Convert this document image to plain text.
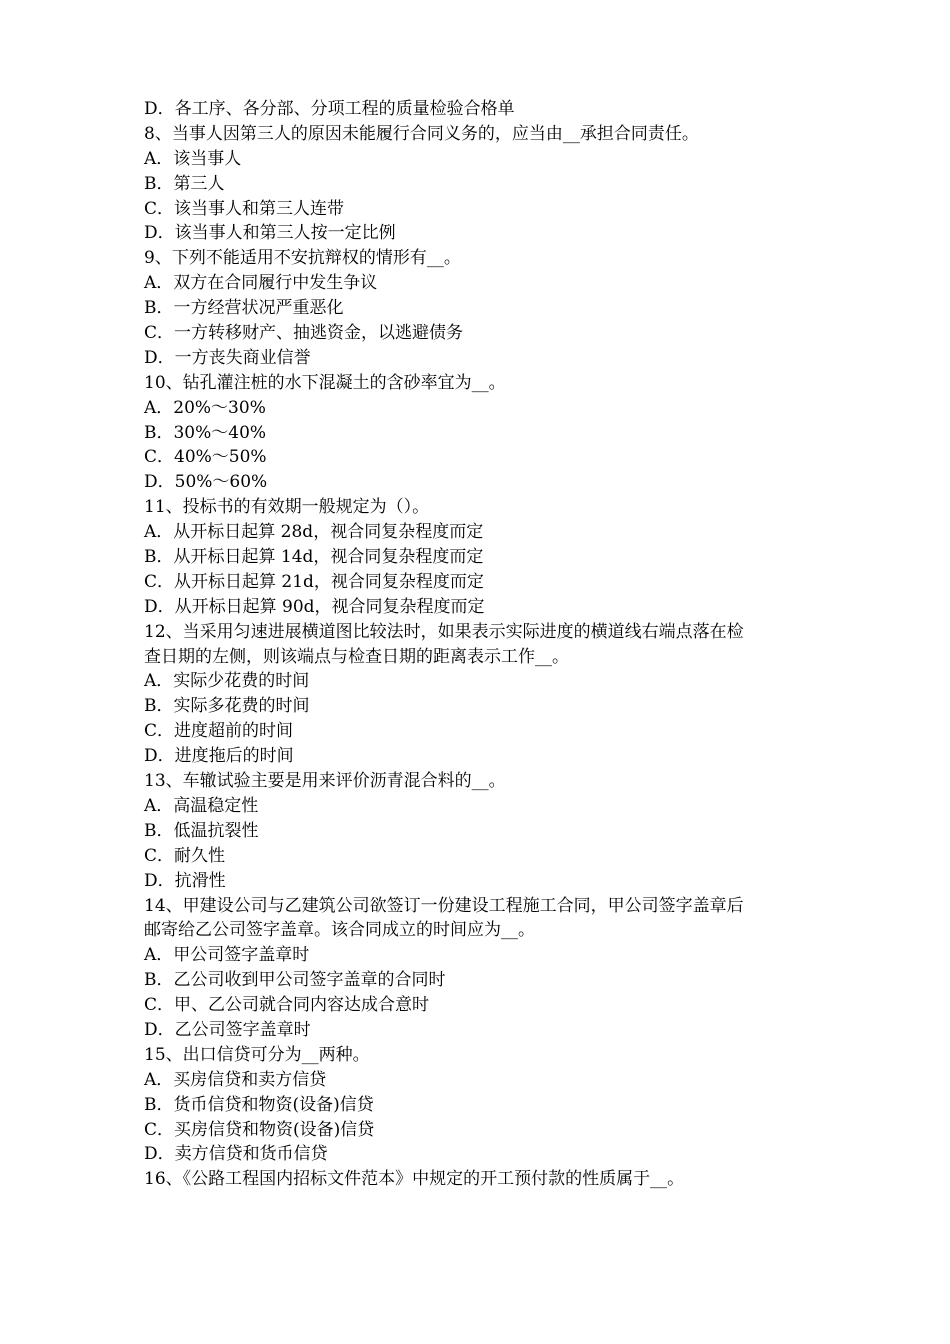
D．各工序、各分部、分项工程的质量检验合格单
8、当事人因第三人的原因未能履行合同义务的，应当由__承担合同责任。
A．该当事人
B．第三人
C．该当事人和第三人连带
D．该当事人和第三人按一定比例
9、下列不能适用不安抗辩权的情形有__。
A．双方在合同履行中发生争议
B．一方经营状况严重恶化
C．一方转移财产、抽逃资金，以逃避债务
D．一方丧失商业信誉
10、钻孔灌注桩的水下混凝土的含砂率宜为__。
A．20%～30%
B．30%～40%
C．40%～50%
D．50%～60%
11、投标书的有效期一般规定为（）。
A．从开标日起算 28d，视合同复杂程度而定
B．从开标日起算 14d，视合同复杂程度而定
C．从开标日起算 21d，视合同复杂程度而定
D．从开标日起算 90d，视合同复杂程度而定
12、当采用匀速进展横道图比较法时，如果表示实际进度的横道线右端点落在检
查日期的左侧，则该端点与检查日期的距离表示工作__。
A．实际少花费的时间
B．实际多花费的时间
C．进度超前的时间
D．进度拖后的时间
13、车辙试验主要是用来评价沥青混合料的__。
A．高温稳定性
B．低温抗裂性
C．耐久性
D．抗滑性
14、甲建设公司与乙建筑公司欲签订一份建设工程施工合同，甲公司签字盖章后
邮寄给乙公司签字盖章。该合同成立的时间应为__。
A．甲公司签字盖章时
B．乙公司收到甲公司签字盖章的合同时
C．甲、乙公司就合同内容达成合意时
D．乙公司签字盖章时
15、出口信贷可分为__两种。
A．买房信贷和卖方信贷
B．货币信贷和物资(设备)信贷
C．买房信贷和物资(设备)信贷
D．卖方信贷和货币信贷
16、《公路工程国内招标文件范本》中规定的开工预付款的性质属于__。
